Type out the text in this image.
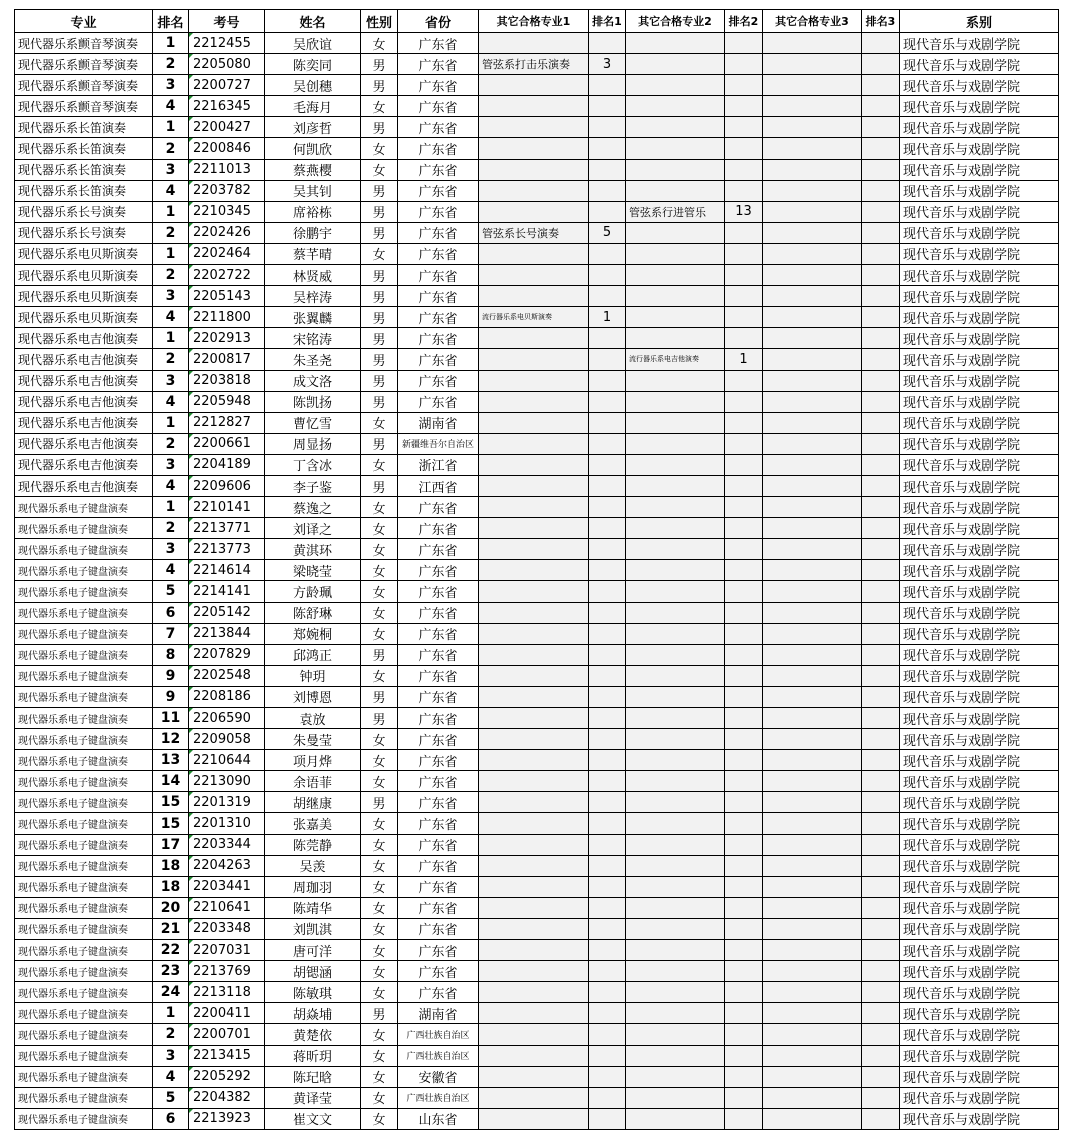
专业	排名	考号	姓名	性别	省份	其它合格专业1	排名1	其它合格专业2	排名2	其它合格专业3	排名3	系别
现代器乐系颤音琴演奏	1	2212455	吴欣谊	女	广东省							现代音乐与戏剧学院
现代器乐系颤音琴演奏	2	2205080	陈奕同	男	广东省	管弦系打击乐演奏	3					现代音乐与戏剧学院
现代器乐系颤音琴演奏	3	2200727	吴创穗	男	广东省							现代音乐与戏剧学院
现代器乐系颤音琴演奏	4	2216345	毛海月	女	广东省							现代音乐与戏剧学院
现代器乐系长笛演奏	1	2200427	刘彦哲	男	广东省							现代音乐与戏剧学院
现代器乐系长笛演奏	2	2200846	何凯欣	女	广东省							现代音乐与戏剧学院
现代器乐系长笛演奏	3	2211013	蔡燕樱	女	广东省							现代音乐与戏剧学院
现代器乐系长笛演奏	4	2203782	吴其钊	男	广东省							现代音乐与戏剧学院
现代器乐系长号演奏	1	2210345	席裕栋	男	广东省			管弦系行进管乐	13			现代音乐与戏剧学院
现代器乐系长号演奏	2	2202426	徐鹏宇	男	广东省	管弦系长号演奏	5					现代音乐与戏剧学院
现代器乐系电贝斯演奏	1	2202464	蔡芊晴	女	广东省							现代音乐与戏剧学院
现代器乐系电贝斯演奏	2	2202722	林贤威	男	广东省							现代音乐与戏剧学院
现代器乐系电贝斯演奏	3	2205143	吴梓涛	男	广东省							现代音乐与戏剧学院
现代器乐系电贝斯演奏	4	2211800	张翼麟	男	广东省	流行器乐系电贝斯演奏	1					现代音乐与戏剧学院
现代器乐系电吉他演奏	1	2202913	宋铭涛	男	广东省							现代音乐与戏剧学院
现代器乐系电吉他演奏	2	2200817	朱圣尧	男	广东省			流行器乐系电吉他演奏	1			现代音乐与戏剧学院
现代器乐系电吉他演奏	3	2203818	成文洛	男	广东省							现代音乐与戏剧学院
现代器乐系电吉他演奏	4	2205948	陈凯扬	男	广东省							现代音乐与戏剧学院
现代器乐系电吉他演奏	1	2212827	曹忆雪	女	湖南省							现代音乐与戏剧学院
现代器乐系电吉他演奏	2	2200661	周显扬	男	新疆维吾尔自治区							现代音乐与戏剧学院
现代器乐系电吉他演奏	3	2204189	丁含冰	女	浙江省							现代音乐与戏剧学院
现代器乐系电吉他演奏	4	2209606	李子鉴	男	江西省							现代音乐与戏剧学院
现代器乐系电子键盘演奏	1	2210141	蔡逸之	女	广东省							现代音乐与戏剧学院
现代器乐系电子键盘演奏	2	2213771	刘译之	女	广东省							现代音乐与戏剧学院
现代器乐系电子键盘演奏	3	2213773	黄淇环	女	广东省							现代音乐与戏剧学院
现代器乐系电子键盘演奏	4	2214614	梁晓莹	女	广东省							现代音乐与戏剧学院
现代器乐系电子键盘演奏	5	2214141	方龄珮	女	广东省							现代音乐与戏剧学院
现代器乐系电子键盘演奏	6	2205142	陈舒琳	女	广东省							现代音乐与戏剧学院
现代器乐系电子键盘演奏	7	2213844	郑婉桐	女	广东省							现代音乐与戏剧学院
现代器乐系电子键盘演奏	8	2207829	邱鸿正	男	广东省							现代音乐与戏剧学院
现代器乐系电子键盘演奏	9	2202548	钟玥	女	广东省							现代音乐与戏剧学院
现代器乐系电子键盘演奏	9	2208186	刘博恩	男	广东省							现代音乐与戏剧学院
现代器乐系电子键盘演奏	11	2206590	袁放	男	广东省							现代音乐与戏剧学院
现代器乐系电子键盘演奏	12	2209058	朱曼莹	女	广东省							现代音乐与戏剧学院
现代器乐系电子键盘演奏	13	2210644	项月烨	女	广东省							现代音乐与戏剧学院
现代器乐系电子键盘演奏	14	2213090	余语菲	女	广东省							现代音乐与戏剧学院
现代器乐系电子键盘演奏	15	2201319	胡继康	男	广东省							现代音乐与戏剧学院
现代器乐系电子键盘演奏	15	2201310	张嘉美	女	广东省							现代音乐与戏剧学院
现代器乐系电子键盘演奏	17	2203344	陈莞静	女	广东省							现代音乐与戏剧学院
现代器乐系电子键盘演奏	18	2204263	吴羡	女	广东省							现代音乐与戏剧学院
现代器乐系电子键盘演奏	18	2203441	周珈羽	女	广东省							现代音乐与戏剧学院
现代器乐系电子键盘演奏	20	2210641	陈靖华	女	广东省							现代音乐与戏剧学院
现代器乐系电子键盘演奏	21	2203348	刘凯淇	女	广东省							现代音乐与戏剧学院
现代器乐系电子键盘演奏	22	2207031	唐可洋	女	广东省							现代音乐与戏剧学院
现代器乐系电子键盘演奏	23	2213769	胡锶涵	女	广东省							现代音乐与戏剧学院
现代器乐系电子键盘演奏	24	2213118	陈敏琪	女	广东省							现代音乐与戏剧学院
现代器乐系电子键盘演奏	1	2200411	胡焱埔	男	湖南省							现代音乐与戏剧学院
现代器乐系电子键盘演奏	2	2200701	黄楚依	女	广西壮族自治区							现代音乐与戏剧学院
现代器乐系电子键盘演奏	3	2213415	蒋昕玥	女	广西壮族自治区							现代音乐与戏剧学院
现代器乐系电子键盘演奏	4	2205292	陈玘晗	女	安徽省							现代音乐与戏剧学院
现代器乐系电子键盘演奏	5	2204382	黄译莹	女	广西壮族自治区							现代音乐与戏剧学院
现代器乐系电子键盘演奏	6	2213923	崔文文	女	山东省							现代音乐与戏剧学院
